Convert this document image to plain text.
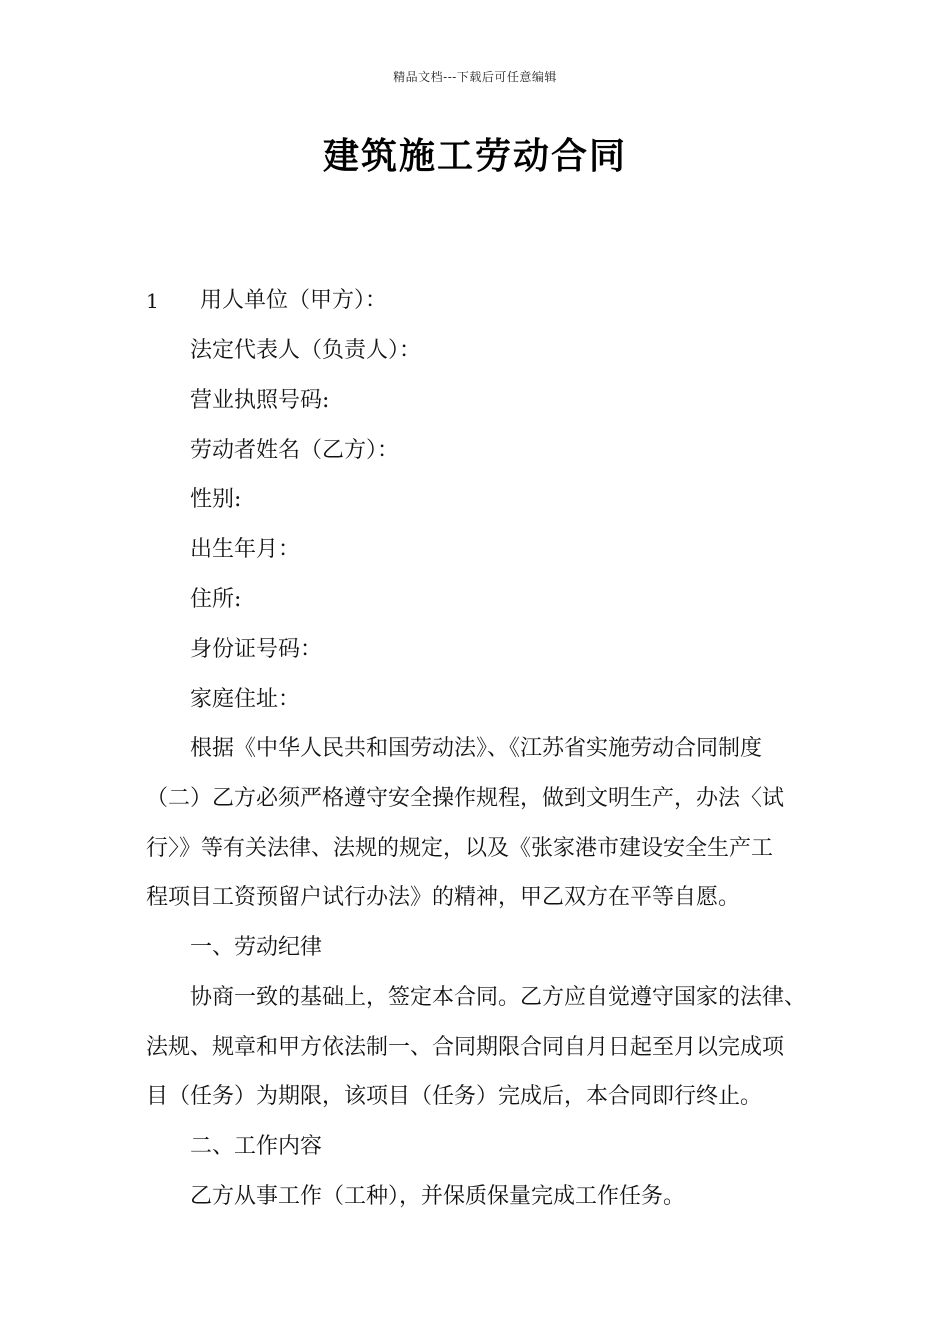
精品文档---下载后可任意编辑
建筑施工劳动合同
1 用人单位（甲方）：
法定代表人（负责人）：
营业执照号码:
劳动者姓名（乙方）：
性别:
出生年月：
住所:
身份证号码：
家庭住址：
根据《中华人民共和国劳动法》、《江苏省实施劳动合同制度
（二）乙方必须严格遵守安全操作规程，做到文明生产，办法〈试
行〉》等有关法律、法规的规定，以及《张家港市建设安全生产工
程项目工资预留户试行办法》的精神，甲乙双方在平等自愿。
一、劳动纪律
协商一致的基础上，签定本合同。乙方应自觉遵守国家的法律、
法规、规章和甲方依法制一、合同期限合同自月日起至月以完成项
目（任务）为期限，该项目（任务）完成后，本合同即行终止。
二、工作内容
乙方从事工作（工种），并保质保量完成工作任务。
